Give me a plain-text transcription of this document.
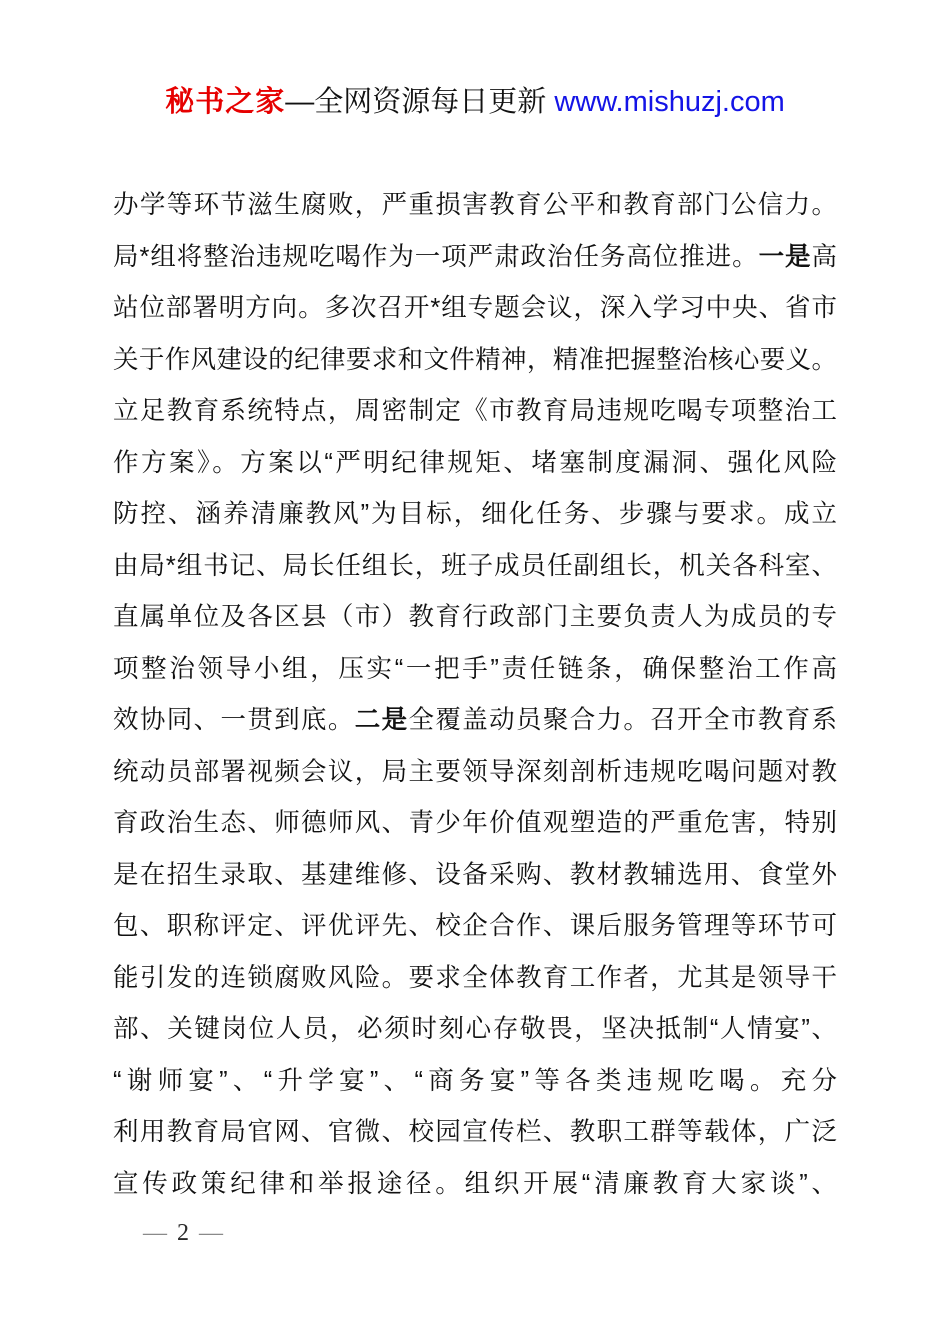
秘书之家—全网资源每日更新 www.mishuzj.com
办学等环节滋生腐败，严重损害教育公平和教育部门公信力。
局*组将整治违规吃喝作为一项严肃政治任务高位推进。一是高
站位部署明方向。多次召开*组专题会议，深入学习中央、省市
关于作风建设的纪律要求和文件精神，精准把握整治核心要义。
立足教育系统特点，周密制定《市教育局违规吃喝专项整治工
作方案》。方案以“严明纪律规矩、堵塞制度漏洞、强化风险
防控、涵养清廉教风”为目标，细化任务、步骤与要求。成立
由局*组书记、局长任组长，班子成员任副组长，机关各科室、
直属单位及各区县（市）教育行政部门主要负责人为成员的专
项整治领导小组，压实“一把手”责任链条，确保整治工作高
效协同、一贯到底。二是全覆盖动员聚合力。召开全市教育系
统动员部署视频会议，局主要领导深刻剖析违规吃喝问题对教
育政治生态、师德师风、青少年价值观塑造的严重危害，特别
是在招生录取、基建维修、设备采购、教材教辅选用、食堂外
包、职称评定、评优评先、校企合作、课后服务管理等环节可
能引发的连锁腐败风险。要求全体教育工作者，尤其是领导干
部、关键岗位人员，必须时刻心存敬畏，坚决抵制“人情宴”、
“谢师宴”、“升学宴”、“商务宴”等各类违规吃喝。充分
利用教育局官网、官微、校园宣传栏、教职工群等载体，广泛
宣传政策纪律和举报途径。组织开展“清廉教育大家谈”、
— 2 —
